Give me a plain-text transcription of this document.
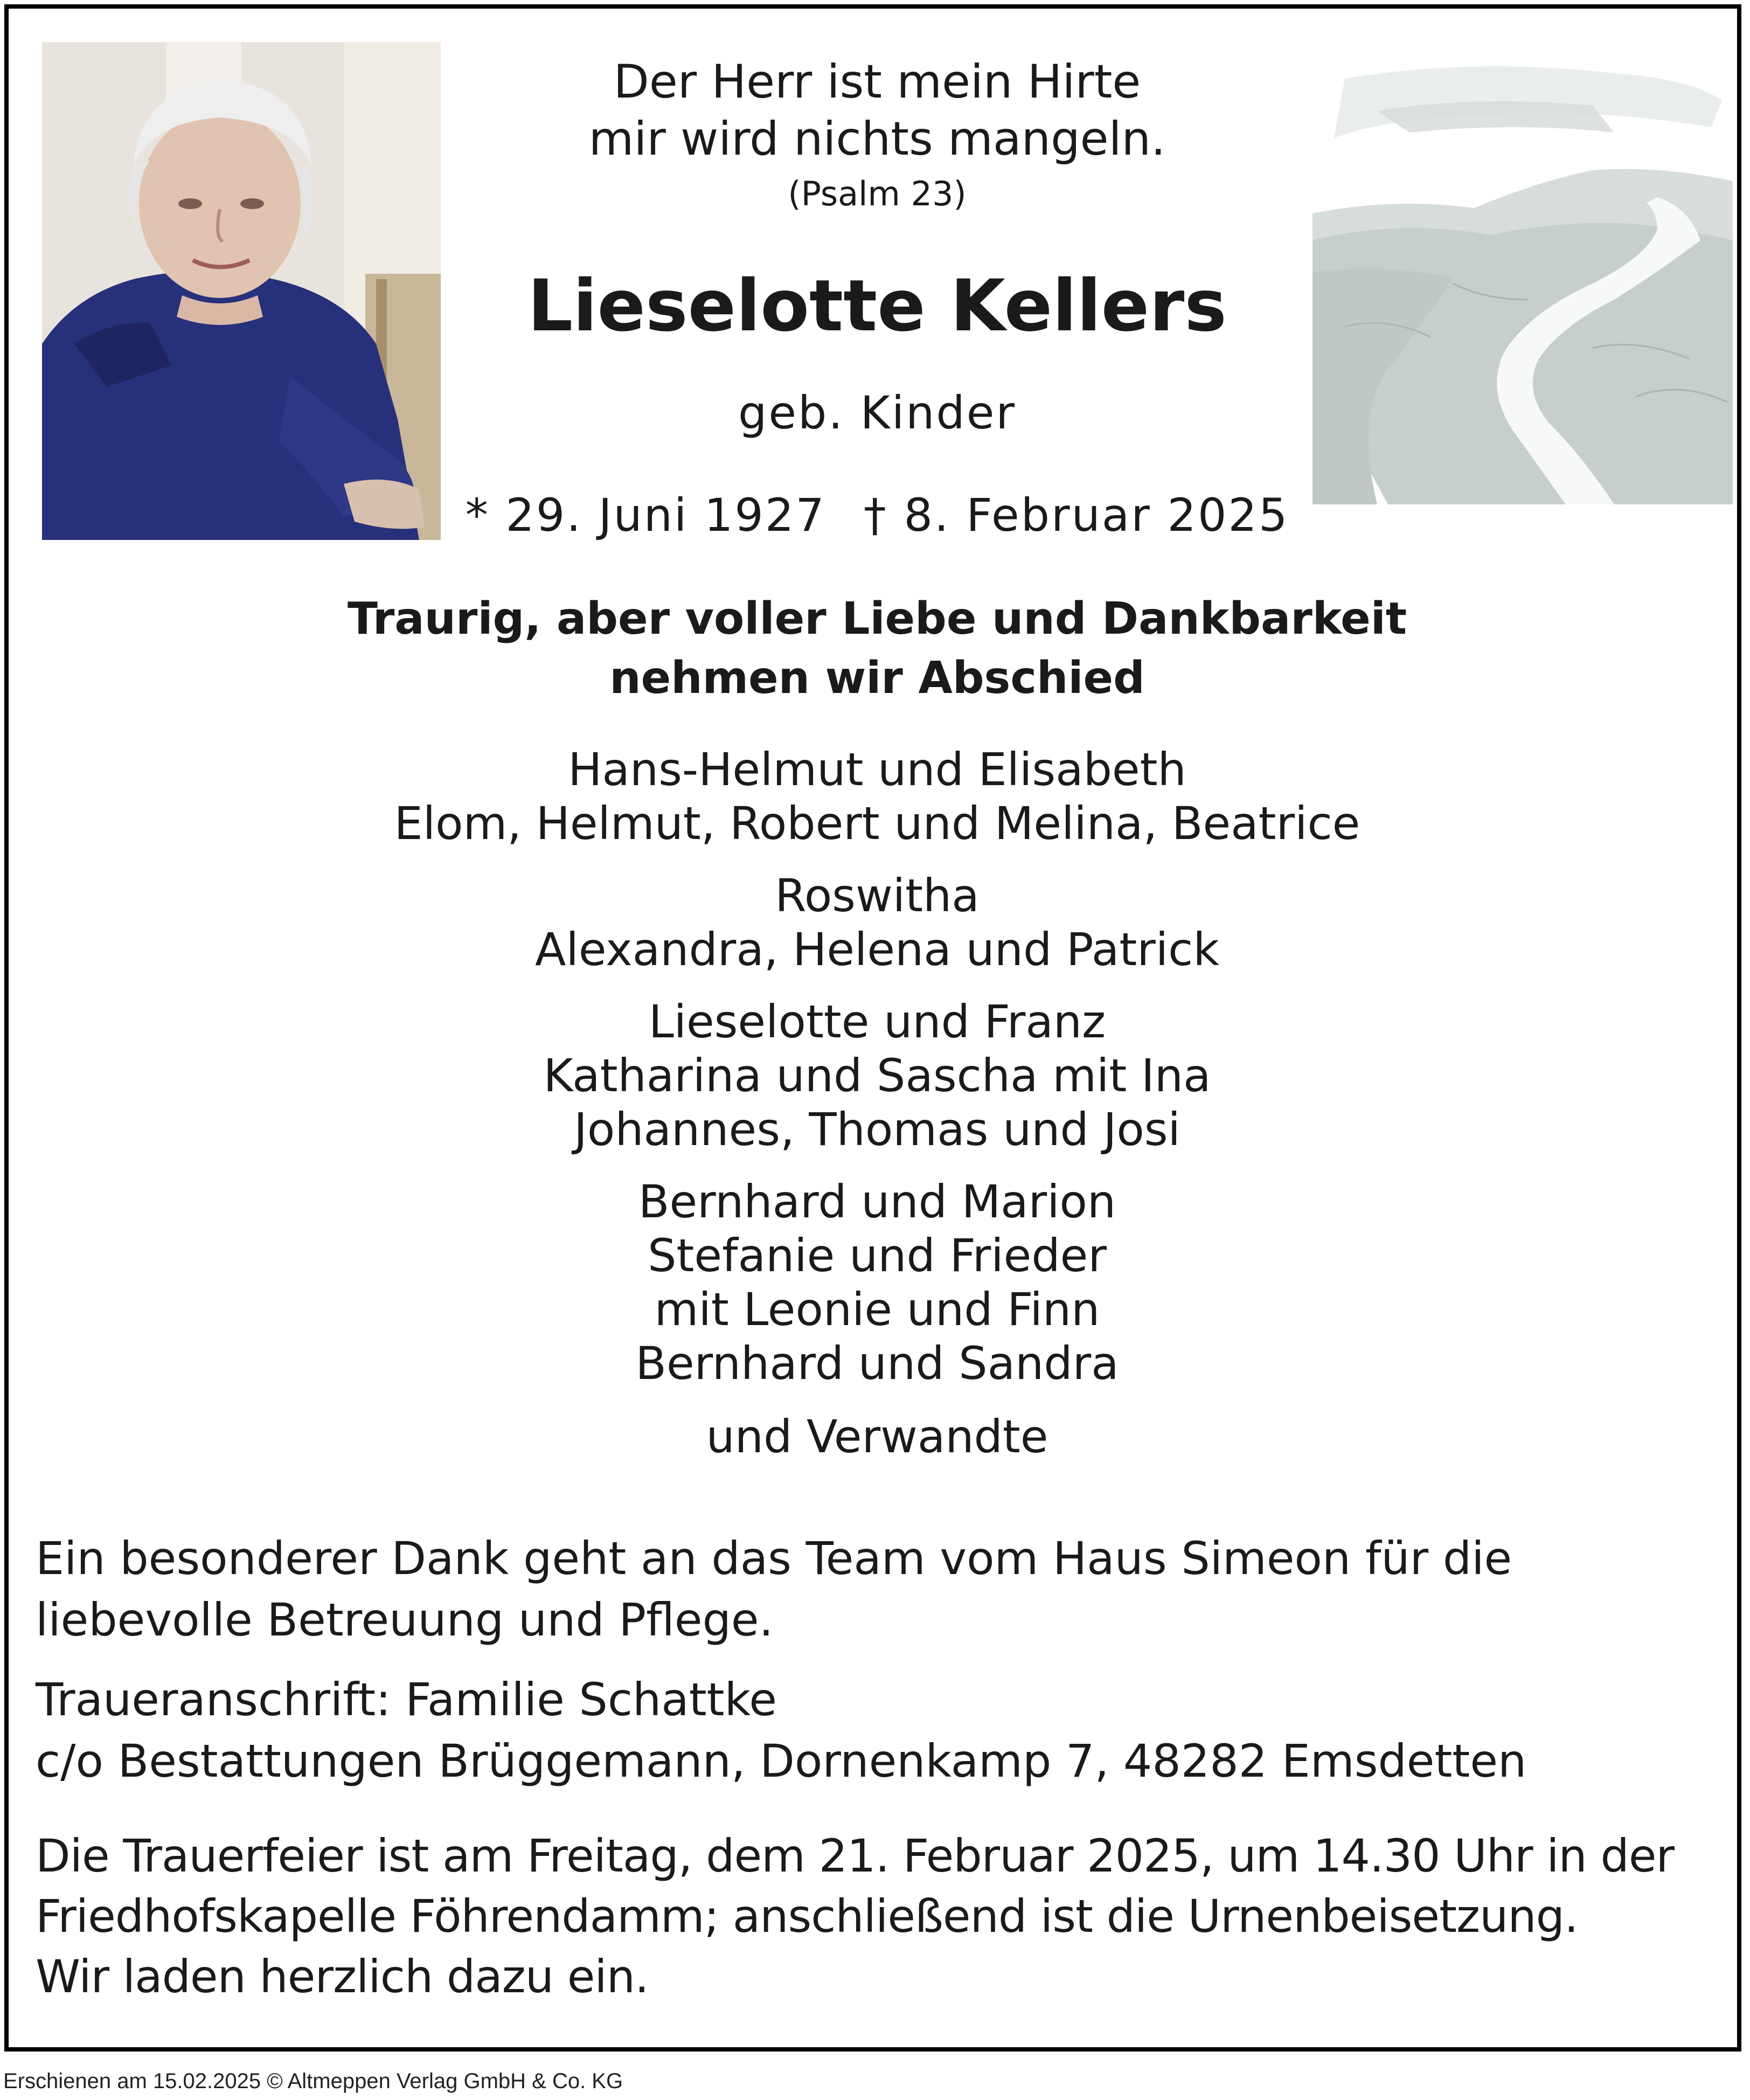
Der Herr ist mein Hirte
mir wird nichts mangeln.
(Psalm 23)
Lieselotte Kellers
geb. Kinder
* 29. Juni 1927 † 8. Februar 2025
Traurig, aber voller Liebe und Dankbarkeit
nehmen wir Abschied
Hans-Helmut und Elisabeth
Elom, Helmut, Robert und Melina, Beatrice
Roswitha
Alexandra, Helena und Patrick
Lieselotte und Franz
Katharina und Sascha mit Ina
Johannes, Thomas und Josi
Bernhard und Marion
Stefanie und Frieder
mit Leonie und Finn
Bernhard und Sandra
und Verwandte
Ein besonderer Dank geht an das Team vom Haus Simeon für die
liebevolle Betreuung und Pflege.
Traueranschrift: Familie Schattke
c/o Bestattungen Brüggemann, Dornenkamp 7, 48282 Emsdetten
Die Trauerfeier ist am Freitag, dem 21. Februar 2025, um 14.30 Uhr in der
Friedhofskapelle Föhrendamm; anschließend ist die Urnenbeisetzung.
Wir laden herzlich dazu ein.
Erschienen am 15.02.2025 © Altmeppen Verlag GmbH & Co. KG
